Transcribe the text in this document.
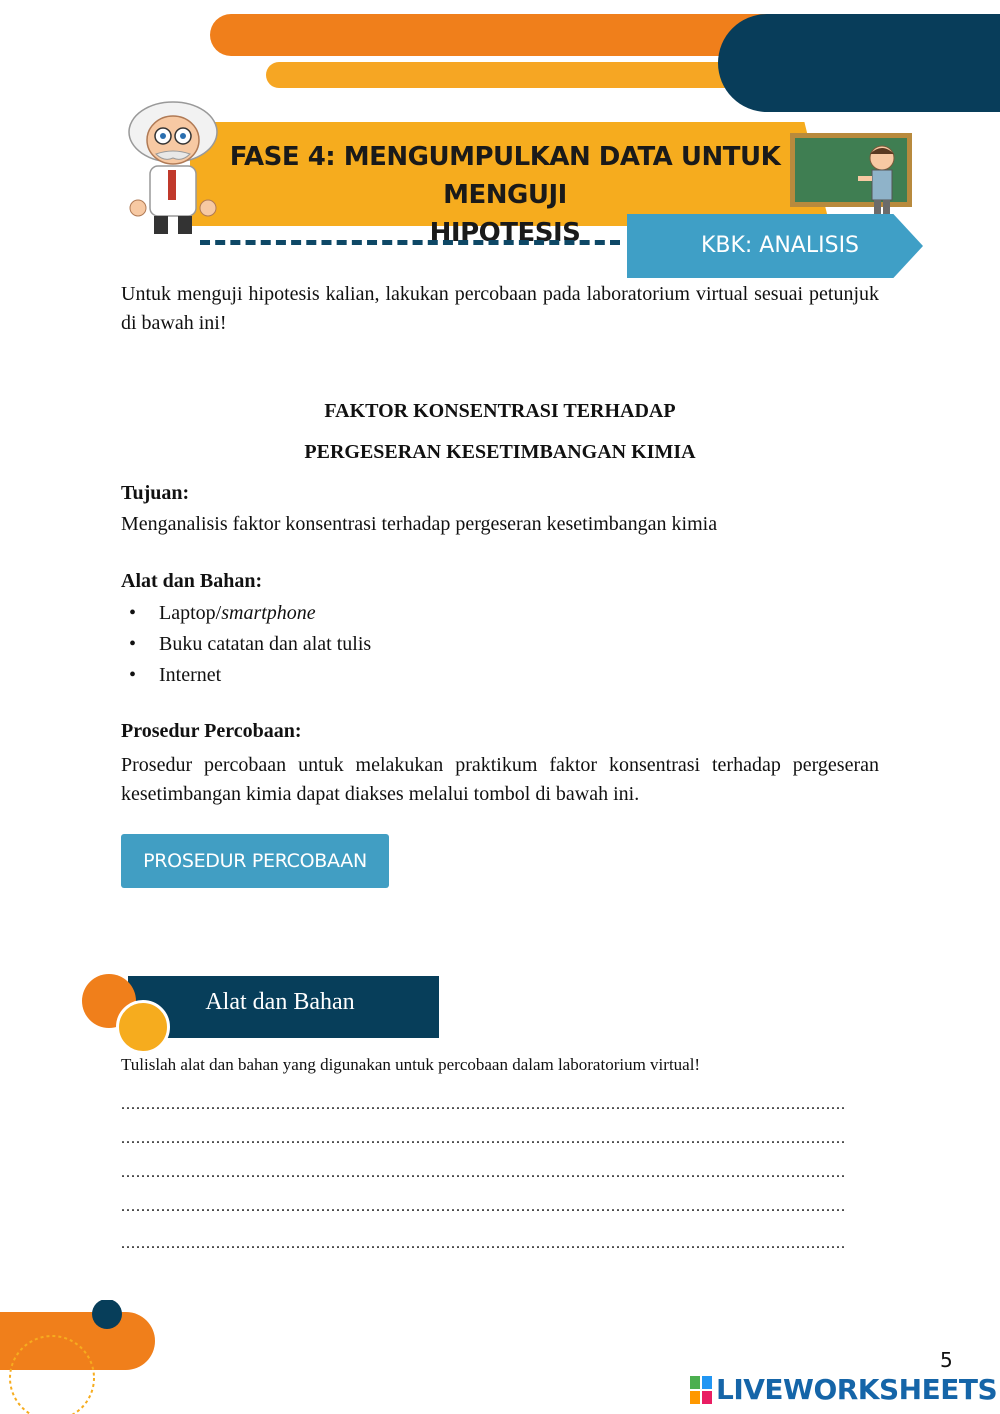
FASE 4: MENGUMPULKAN DATA UNTUK MENGUJI
HIPOTESIS	KBK: ANALISIS
Untuk menguji hipotesis kalian, lakukan percobaan pada laboratorium virtual sesuai petunjuk di bawah ini!
FAKTOR KONSENTRASI TERHADAP
PERGESERAN KESETIMBANGAN KIMIA
Tujuan:
Menganalisis faktor konsentrasi terhadap pergeseran kesetimbangan kimia
Alat dan Bahan:
• Laptop/smartphone
• Buku catatan dan alat tulis
• Internet
Prosedur Percobaan:
Prosedur percobaan untuk melakukan praktikum faktor konsentrasi terhadap pergeseran kesetimbangan kimia dapat diakses melalui tombol di bawah ini.
PROSEDUR PERCOBAAN
Alat dan Bahan
Tulislah alat dan bahan yang digunakan untuk percobaan dalam laboratorium virtual!
.................................................................................................................................................
.................................................................................................................................................
.................................................................................................................................................
.................................................................................................................................................
.................................................................................................................................................
5
LIVEWORKSHEETS
